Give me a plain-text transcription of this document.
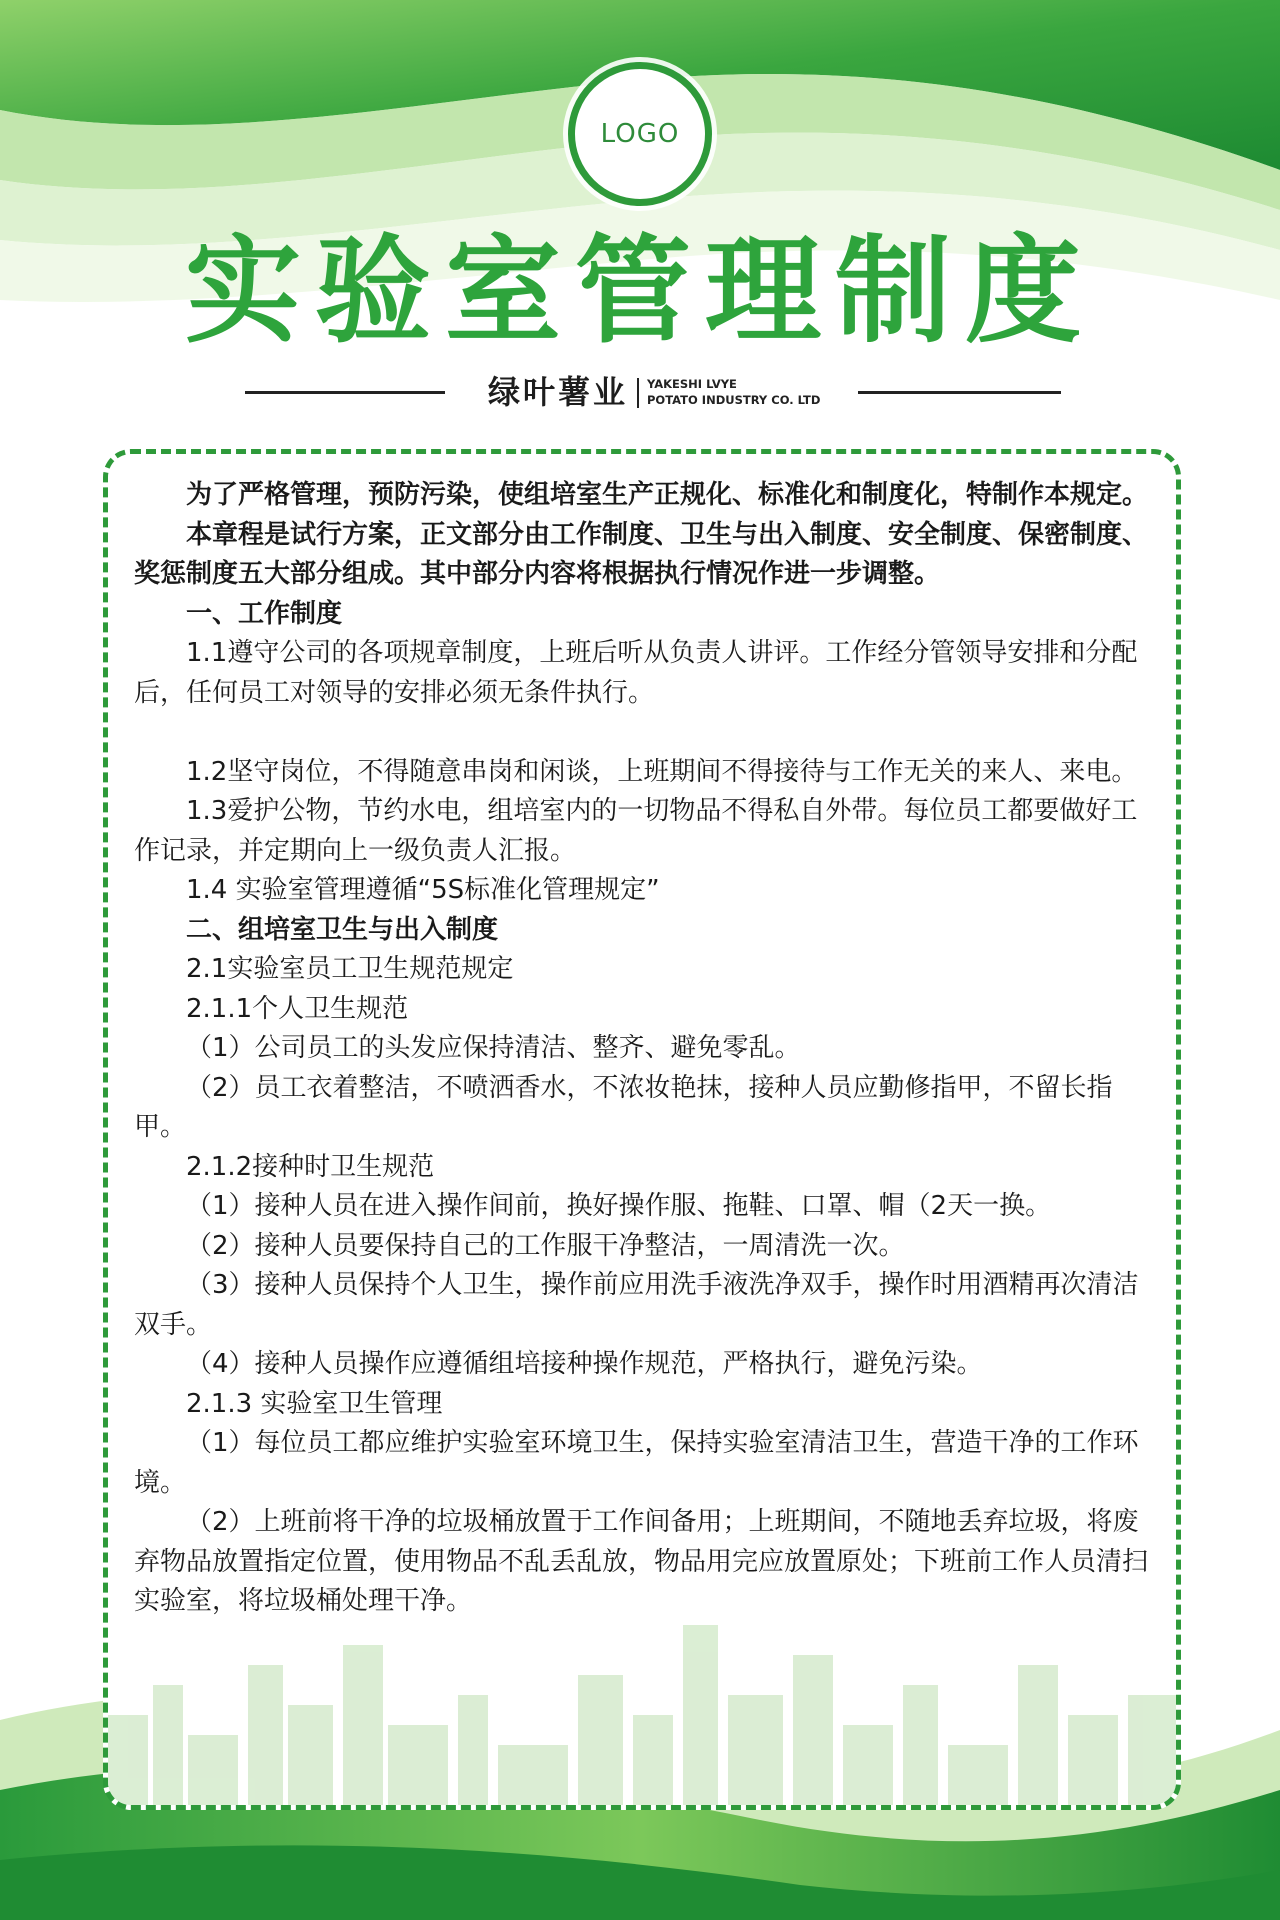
LOGO
实验室管理制度
绿叶薯业 YAKESHI LVYE
POTATO INDUSTRY CO. LTD

为了严格管理，预防污染，使组培室生产正规化、标准化和制度化，特制作本规定。

本章程是试行方案，正文部分由工作制度、卫生与出入制度、安全制度、保密制度、奖惩制度五大部分组成。其中部分内容将根据执行情况作进一步调整。

一、工作制度

1.1遵守公司的各项规章制度，上班后听从负责人讲评。工作经分管领导安排和分配后，任何员工对领导的安排必须无条件执行。

1.2坚守岗位，不得随意串岗和闲谈，上班期间不得接待与工作无关的来人、来电。

1.3爱护公物，节约水电，组培室内的一切物品不得私自外带。每位员工都要做好工作记录，并定期向上一级负责人汇报。

1.4 实验室管理遵循“5S标准化管理规定”

二、组培室卫生与出入制度

2.1实验室员工卫生规范规定

2.1.1个人卫生规范

（1）公司员工的头发应保持清洁、整齐、避免零乱。

（2）员工衣着整洁，不喷洒香水，不浓妆艳抹，接种人员应勤修指甲，不留长指甲。

2.1.2接种时卫生规范

（1）接种人员在进入操作间前，换好操作服、拖鞋、口罩、帽（2天一换。

（2）接种人员要保持自己的工作服干净整洁，一周清洗一次。

（3）接种人员保持个人卫生，操作前应用洗手液洗净双手，操作时用酒精再次清洁双手。

（4）接种人员操作应遵循组培接种操作规范，严格执行，避免污染。

2.1.3 实验室卫生管理

（1）每位员工都应维护实验室环境卫生，保持实验室清洁卫生，营造干净的工作环境。

（2）上班前将干净的垃圾桶放置于工作间备用；上班期间，不随地丢弃垃圾，将废弃物品放置指定位置，使用物品不乱丢乱放，物品用完应放置原处；下班前工作人员清扫实验室，将垃圾桶处理干净。
